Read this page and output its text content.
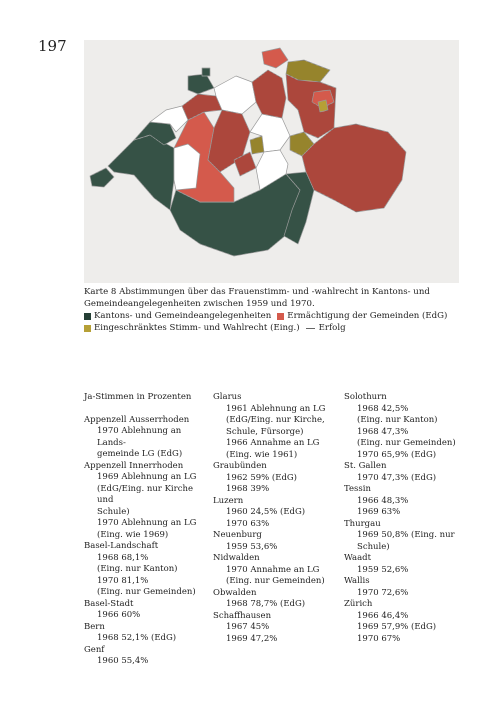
197
Karte 8 Abstimmungen über das Frauenstimm- und -wahlrecht in Kantons- und Gemeindeangelegenheiten zwischen 1959 und 1970.
Kantons- und Gemeindeangelegenheiten Ermächtigung der Gemeinden (EdG)
Eingeschränktes Stimm- und Wahlrecht (Eing.) Erfolg
Ja-Stimmen in Prozenten
Appenzell Ausserrhoden
1970 Ablehnung an Lands-
gemeinde LG (EdG)
Appenzell Innerrhoden
1969 Ablehnung an LG
(EdG/Eing. nur Kirche und
Schule)
1970 Ablehnung an LG
(Eing. wie 1969)
Basel-Landschaft
1968 68,1%
(Eing. nur Kanton)
1970 81,1%
(Eing. nur Gemeinden)
Basel-Stadt
1966 60%
Bern
1968 52,1% (EdG)
Genf
1960 55,4%
Glarus
1961 Ablehnung an LG
(EdG/Eing. nur Kirche,
Schule, Fürsorge)
1966 Annahme an LG
(Eing. wie 1961)
Graubünden
1962 59% (EdG)
1968 39%
Luzern
1960 24,5% (EdG)
1970 63%
Neuenburg
1959 53,6%
Nidwalden
1970 Annahme an LG
(Eing. nur Gemeinden)
Obwalden
1968 78,7% (EdG)
Schaffhausen
1967 45%
1969 47,2%
Solothurn
1968 42,5%
(Eing. nur Kanton)
1968 47,3%
(Eing. nur Gemeinden)
1970 65,9% (EdG)
St. Gallen
1970 47,3% (EdG)
Tessin
1966 48,3%
1969 63%
Thurgau
1969 50,8% (Eing. nur
Schule)
Waadt
1959 52,6%
Wallis
1970 72,6%
Zürich
1966 46,4%
1969 57,9% (EdG)
1970 67%
